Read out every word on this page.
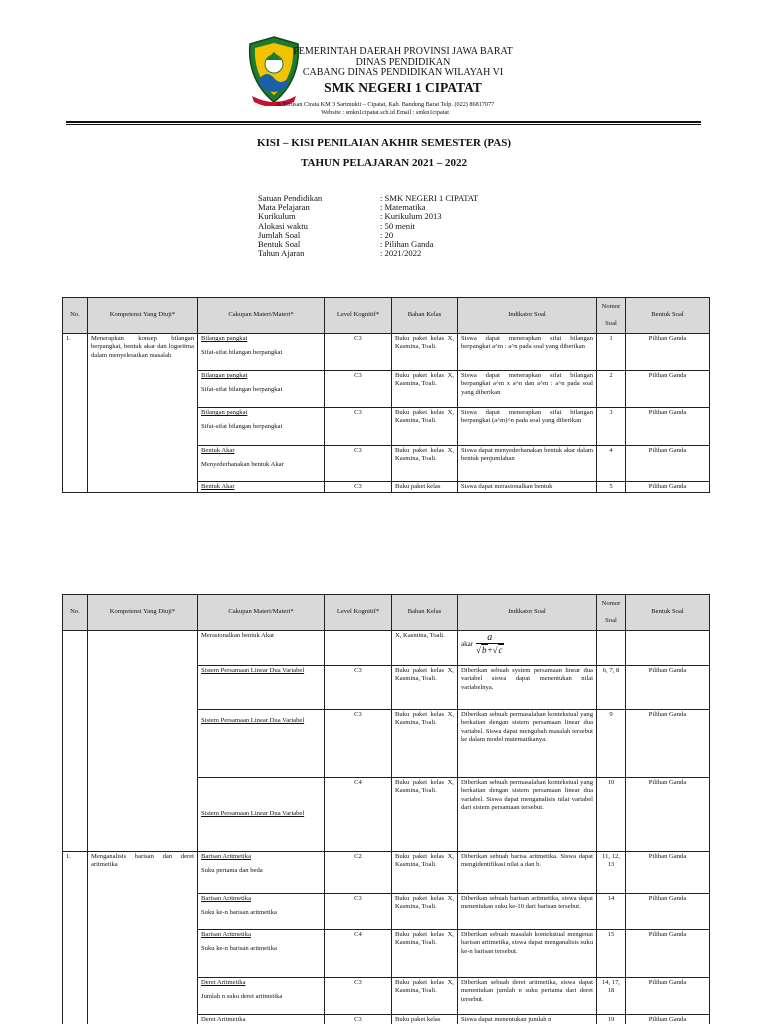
PEMERINTAH DAERAH PROVINSI JAWA BARAT
DINAS PENDIDIKAN
CABANG DINAS PENDIDIKAN WILAYAH VI
SMK NEGERI 1 CIPATAT
Jl. Terusan Cirata KM 3 Sarimukti – Cipatat, Kab. Bandung Barat Telp. (022) 86817077
Website : smkn1cipatat.sch.id Email : smkn1cipatat
KISI – KISI PENILAIAN AKHIR SEMESTER (PAS)
TAHUN PELAJARAN 2021 – 2022
Satuan Pendidikan	: SMK NEGERI 1 CIPATAT
Mata Pelajaran	: Matematika
Kurikulum	: Kurikulum 2013
Alokasi waktu	: 50 menit
Jumlah Soal	: 20
Bentuk Soal	: Pilihan Ganda
Tahun Ajaran	: 2021/2022
No.	Kompetensi Yang Diuji*	Cakupan Materi/Materi*	Level Kognitif*	Bahan Kelas	Indikator Soal	Nomor

Soal	Bentuk Soal
1.	Menerapkan konsep bilangan berpangkat, bentuk akar dan logaritma dalam menyelesaikan masalah	Bilangan pangkat
Sifat-sifat bilangan berpangkat	C3	Buku paket kelas X, Kasmina, Toali.	Siswa dapat menerapkan sifat bilangan berpangkat a^m : a^n pada soal yang diberikan	1	Pilihan Ganda

		Bilangan pangkat
Sifat-sifat bilangan berpangkat	C3	Buku paket kelas X, Kasmina, Toali.	Siswa dapat menerapkan sifat bilangan berpangkat a^m x a^n dan a^m : a^n pada soal yang diberikan	2	Pilihan Ganda

		Bilangan pangkat
Sifat-sifat bilangan berpangkat	C3	Buku paket kelas X, Kasmina, Toali.	Siswa dapat menerapkan sifat bilangan berpangkat (a^m)^n pada soal yang diberikan	3	Pilihan Ganda

		Bentuk Akar
Menyederhanakan bentuk Akar	C3	Buku paket kelas X, Kasmina, Toali.	Siswa dapat menyederhanakan bentuk akar dalam bentuk penjumlahan	4	Pilihan Ganda

		Bentuk Akar	C3	Buku paket kelas	Siswa dapat merasionalkan bentuk	5	Pilihan Ganda
No.	Kompetensi Yang Diuji*	Cakupan Materi/Materi*	Level Kognitif*	Bahan Kelas	Indikator Soal	Nomor

Soal	Bentuk Soal
		Merasionalkan bentuk Akar		X, Kasmina, Toali.	akar $\frac{a}{√b+√c}$

		Sistem Persamaan Linear Dua Variabel	C3	Buku paket kelas X, Kasmina, Toali.	Diberikan sebuah system persamaan linear dua variabel siswa dapat menentukan nilai variabelnya.	6, 7, 8	Pilihan Ganda

		Sistem Persamaan Linear Dua Variabel	C3	Buku paket kelas X, Kasmina, Toali.	Diberikan sebuah permasalahan kontekstual yang berkaitan dengan sistem persamaan linear dua variabel. Siswa dapat mengubah masalah tersebut ke dalam model matematikanya.	9	Pilihan Ganda

		Sistem Persamaan Linear Dua Variabel	C4	Buku paket kelas X, Kasmina, Toali.	Diberikan sebuah permasalahan kontekstual yang berkaitan dengan sistem persamaan linear dua variabel. Siswa dapat menganalisis nilai variabel dari sistem persamaan tersebut.	10	Pilihan Ganda
1.	Menganalisis barisan dan deret aritmetika	Barisan Aritmetika
Suku pertama dan beda	C2	Buku paket kelas X, Kasmina, Toali.	Diberikan sebuah barisa aritmetika. Siswa dapat mengidentifikasi nilai a dan b.	11, 12, 13	Pilihan Ganda

		Barisan Aritmetika
Suku ke-n barisan aritmetika	C3	Buku paket kelas X, Kasmina, Toali.	Diberikan sebuah barisan aritmetika, siswa dapat menentukan suku ke-10 dari barisan tersebut.	14	Pilihan Ganda

		Barisan Aritmetika
Suku ke-n barisan aritmetika	C4	Buku paket kelas X, Kasmina, Toali.	Diberikan sebuah masalah kontekstual mengenai barisan aritmetika, siswa dapat menganalisis suku ke-n barisan tersebut.	15	Pilihan Ganda

		Deret Aritmetika
Jumlah n suku deret aritmetika	C3	Buku paket kelas X, Kasmina, Toali.	Diberikan sebuah deret aritmetika, siswa dapat menentukan jumlah n suku pertama dari deret tersebut.	14, 17, 18	Pilihan Ganda

		Deret Aritmetika	C3	Buku paket kelas	Siswa dapat menentukan jumlah n	19	Pilihan Ganda
